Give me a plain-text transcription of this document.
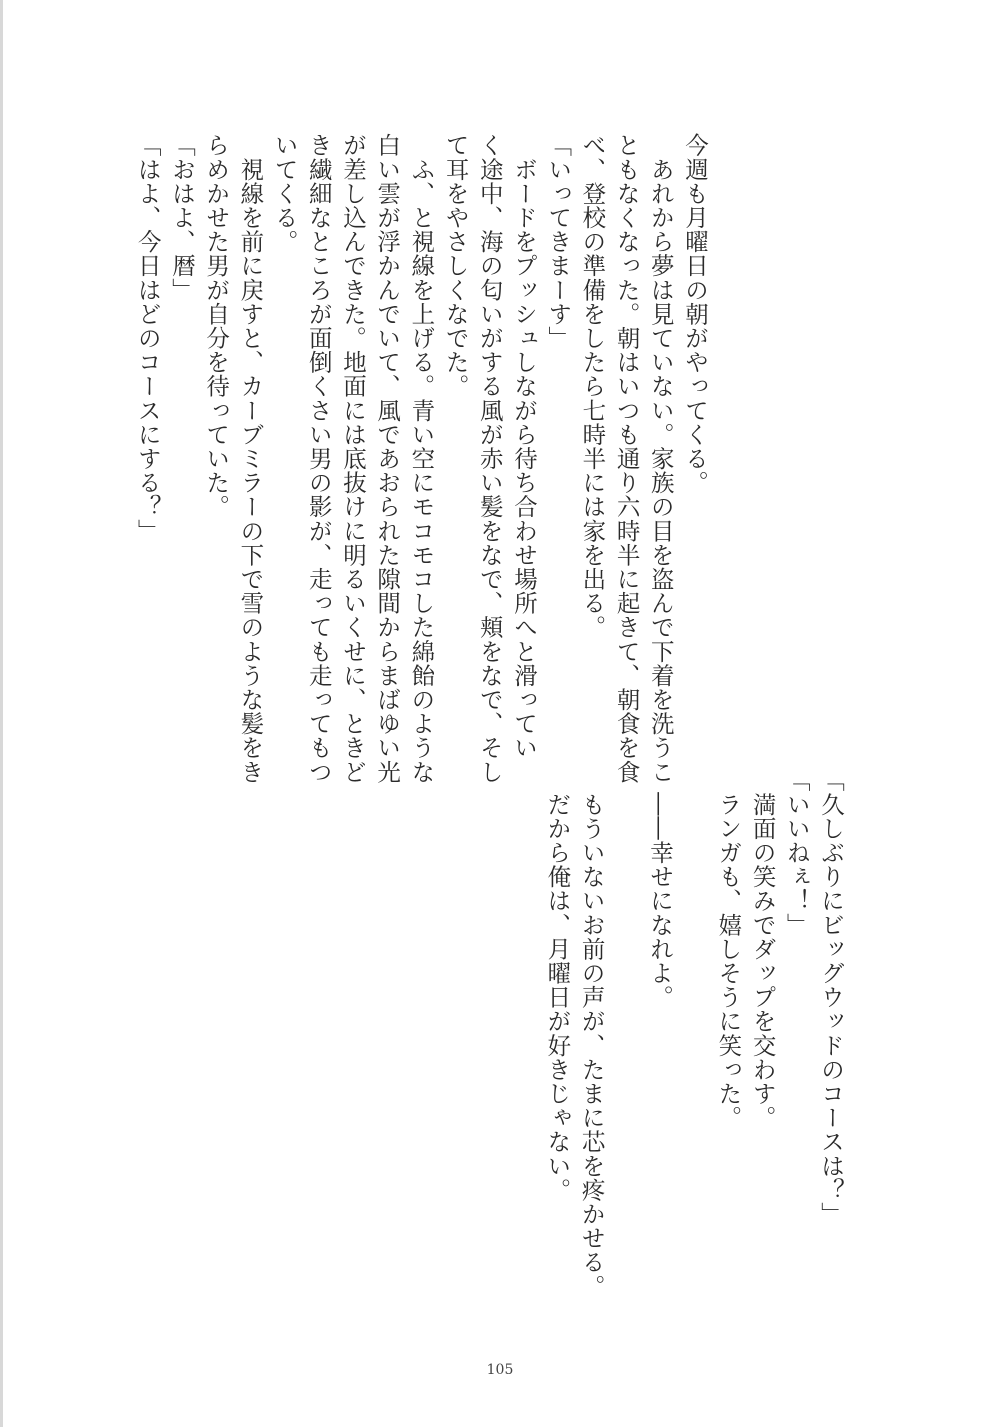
今週も月曜日の朝がやってくる。

　あれから夢は見ていない。家族の目を盗んで下着を洗うこ

ともなくなった。朝はいつも通り六時半に起きて、朝食を食

べ、登校の準備をしたら七時半には家を出る。

「いってきまーす」

　ボードをプッシュしながら待ち合わせ場所へと滑ってい

く途中、海の匂いがする風が赤い髪をなで、頬をなで、そし

て耳をやさしくなでた。

　ふ、と視線を上げる。青い空にモコモコした綿飴のような

白い雲が浮かんでいて、風であおられた隙間からまばゆい光

が差し込んできた。地面には底抜けに明るいくせに、ときど

き繊細なところが面倒くさい男の影が、走っても走ってもつ

いてくる。

　視線を前に戻すと、カーブミラーの下で雪のような髪をき

らめかせた男が自分を待っていた。

「おはよ、暦」

「はよ、今日はどのコースにする？」

「久しぶりにビッグウッドのコースは？」

「いいねぇ！」

　満面の笑みでダップを交わす。

　ランガも、嬉しそうに笑った。

　――幸せになれよ。

　もういないお前の声が、たまに芯を疼かせる。

　だから俺は、月曜日が好きじゃない。

105
